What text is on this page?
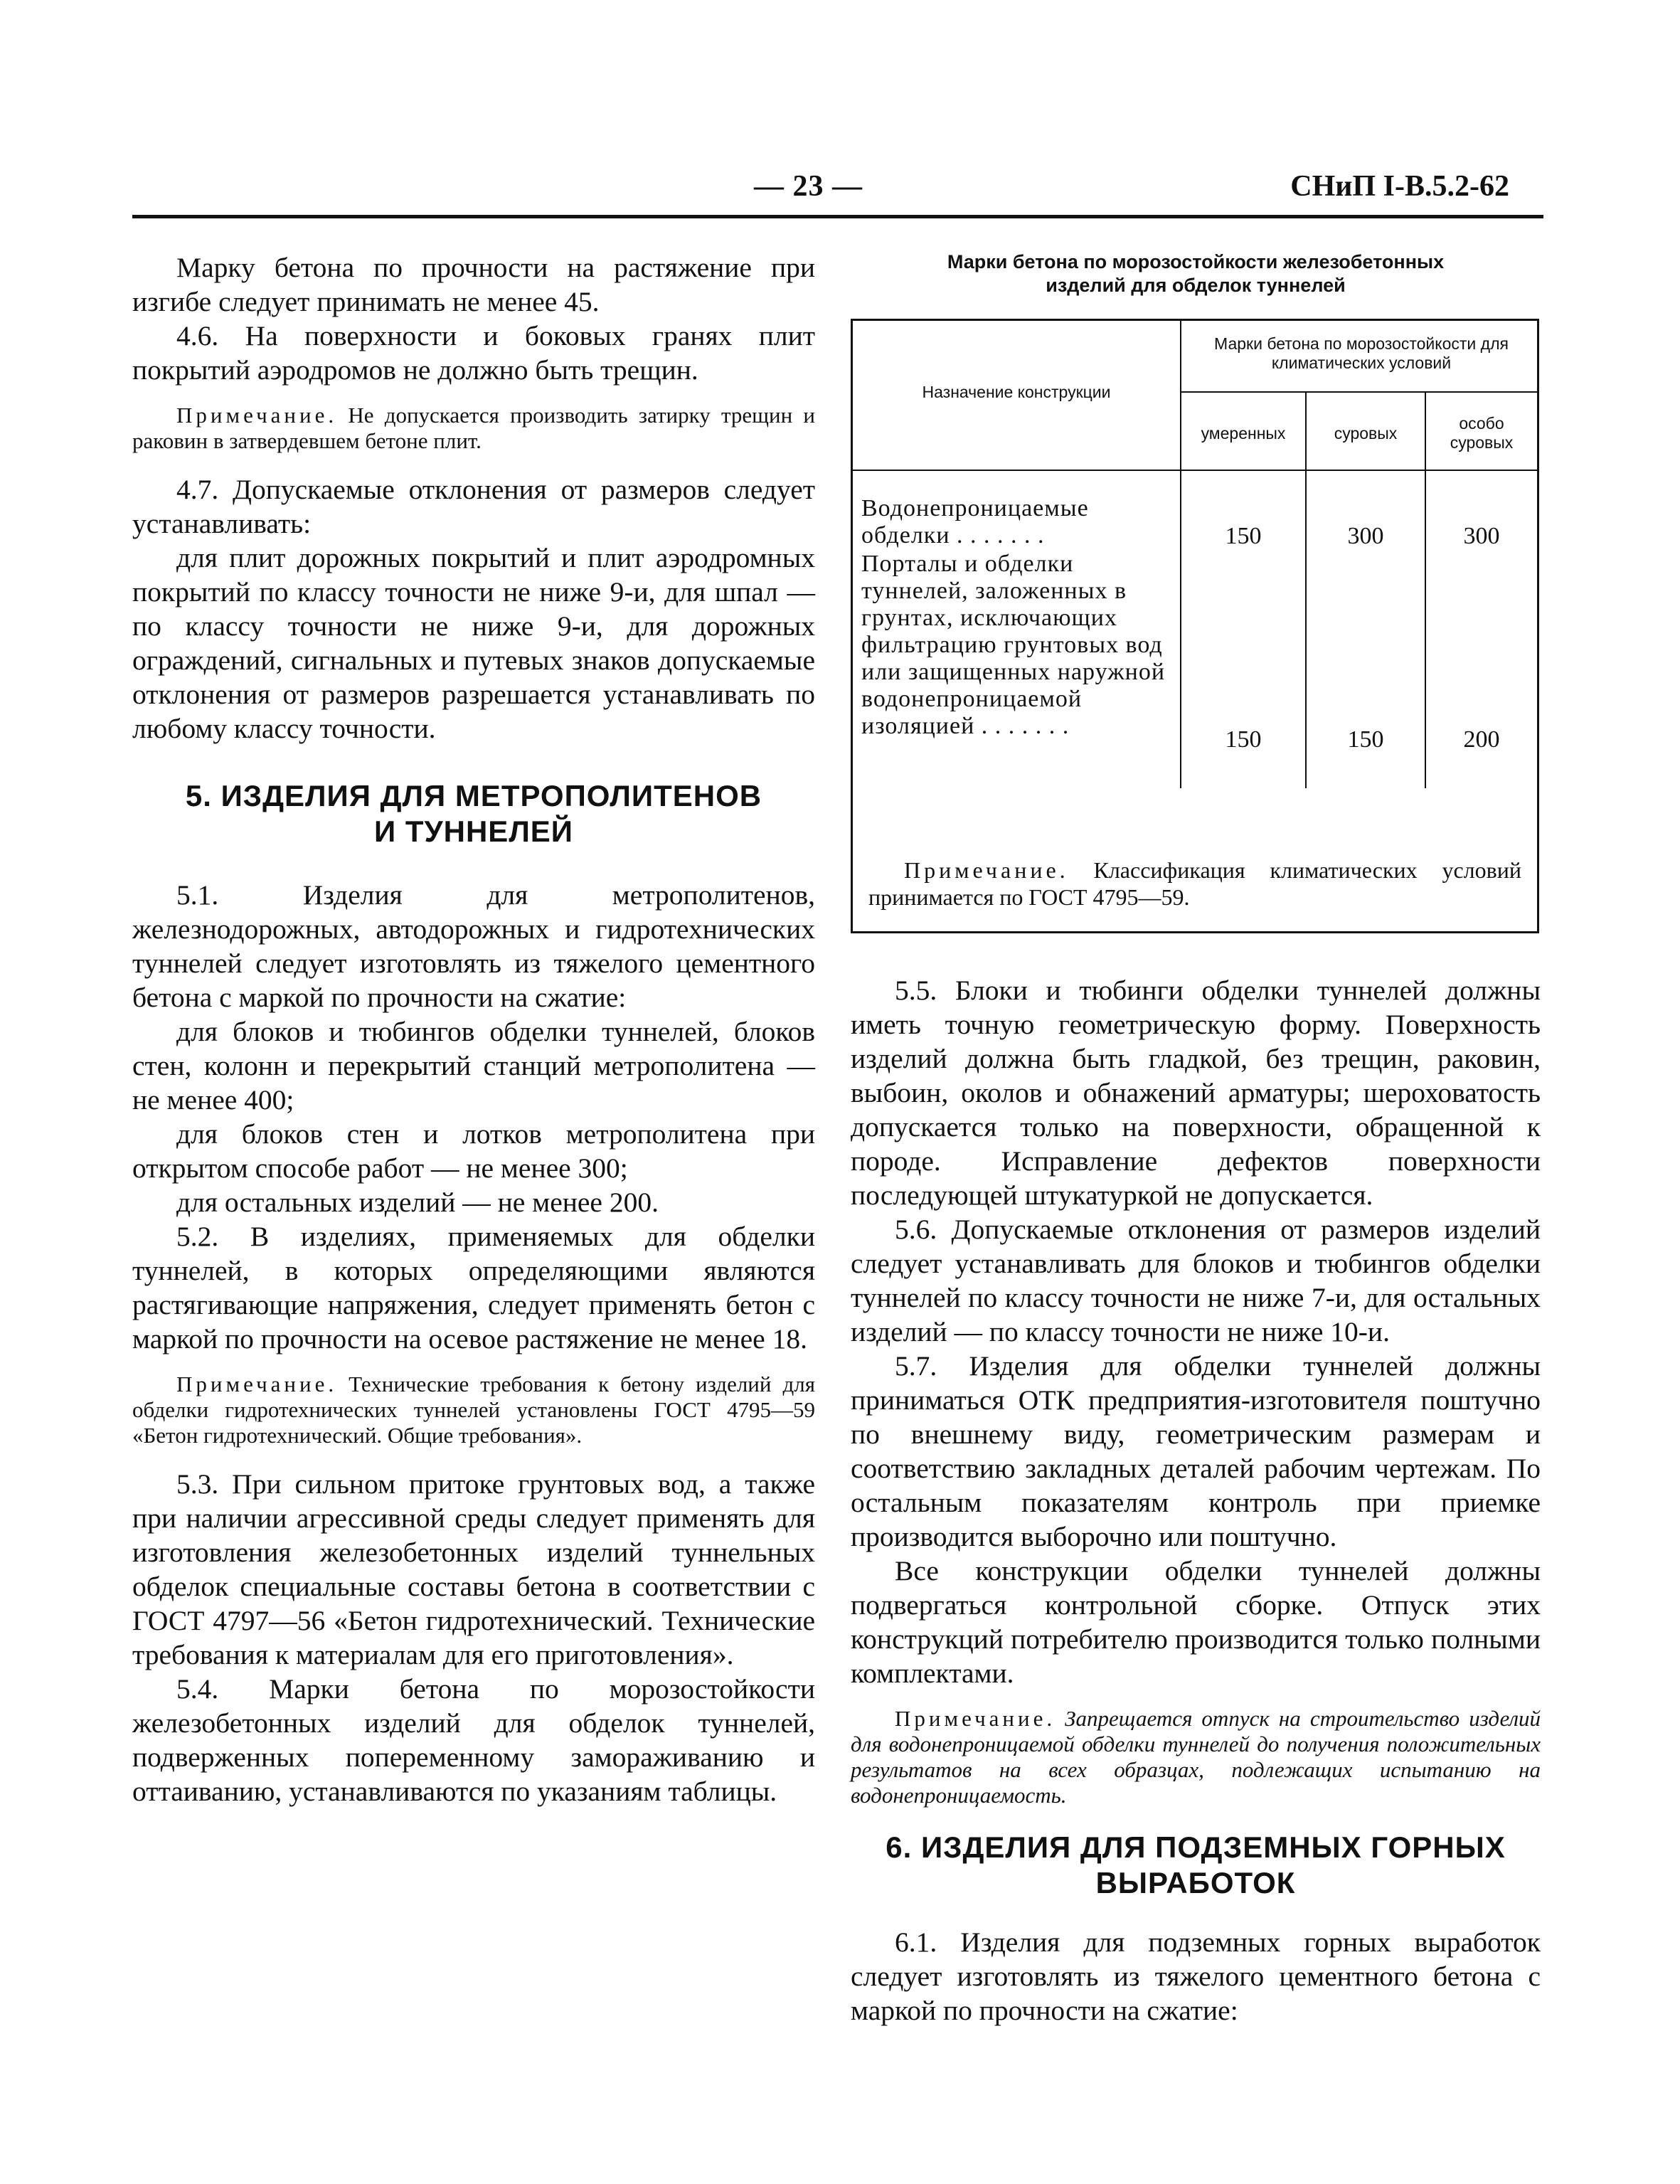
— 23 —	СНиП I-В.5.2-62

Марку бетона по прочности на растяжение при изгибе следует принимать не менее 45.

4.6. На поверхности и боковых гранях плит покрытий аэродромов не должно быть трещин.

Примечание. Не допускается производить затирку трещин и раковин в затвердевшем бетоне плит.

4.7. Допускаемые отклонения от размеров следует устанавливать:

для плит дорожных покрытий и плит аэродромных покрытий по классу точности не ниже 9-и, для шпал — по классу точности не ниже 9-и, для дорожных ограждений, сигнальных и путевых знаков допускаемые отклонения от размеров разрешается устанавливать по любому классу точности.

5. ИЗДЕЛИЯ ДЛЯ МЕТРОПОЛИТЕНОВ
И ТУННЕЛЕЙ

5.1. Изделия для метрополитенов, железнодорожных, автодорожных и гидротехнических туннелей следует изготовлять из тяжелого цементного бетона с маркой по прочности на сжатие:

для блоков и тюбингов обделки туннелей, блоков стен, колонн и перекрытий станций метрополитена — не менее 400;

для блоков стен и лотков метрополитена при открытом способе работ — не менее 300;

для остальных изделий — не менее 200.

5.2. В изделиях, применяемых для обделки туннелей, в которых определяющими являются растягивающие напряжения, следует применять бетон с маркой по прочности на осевое растяжение не менее 18.

Примечание. Технические требования к бетону изделий для обделки гидротехнических туннелей установлены ГОСТ 4795—59 «Бетон гидротехнический. Общие требования».

5.3. При сильном притоке грунтовых вод, а также при наличии агрессивной среды следует применять для изготовления железобетонных изделий туннельных обделок специальные составы бетона в соответствии с ГОСТ 4797—56 «Бетон гидротехнический. Технические требования к материалам для его приготовления».

5.4. Марки бетона по морозостойкости железобетонных изделий для обделок туннелей, подверженных попеременному замораживанию и оттаиванию, устанавливаются по указаниям таблицы.

Марки бетона по морозостойкости железобетонных
изделий для обделок туннелей
Назначение конструкции
Марки бетона по морозостойкости для климатических условий
умеренных	суровых
особо суровых
Водонепроницаемые обделки . . . . . . .	150	300	300
Порталы и обделки туннелей, заложенных в грунтах, исключающих фильтрацию грунтовых вод или защищенных наружной водонепроницаемой изоляцией . . . . . . .
150	150	200
Примечание. Классификация климатических условий принимается по ГОСТ 4795—59.

5.5. Блоки и тюбинги обделки туннелей должны иметь точную геометрическую форму. Поверхность изделий должна быть гладкой, без трещин, раковин, выбоин, околов и обнажений арматуры; шероховатость допускается только на поверхности, обращенной к породе. Исправление дефектов поверхности последующей штукатуркой не допускается.

5.6. Допускаемые отклонения от размеров изделий следует устанавливать для блоков и тюбингов обделки туннелей по классу точности не ниже 7-и, для остальных изделий — по классу точности не ниже 10-и.

5.7. Изделия для обделки туннелей должны приниматься ОТК предприятия-изготовителя поштучно по внешнему виду, геометрическим размерам и соответствию закладных деталей рабочим чертежам. По остальным показателям контроль при приемке производится выборочно или поштучно.

Все конструкции обделки туннелей должны подвергаться контрольной сборке. Отпуск этих конструкций потребителю производится только полными комплектами.

Примечание. Запрещается отпуск на строительство изделий для водонепроницаемой обделки туннелей до получения положительных результатов на всех образцах, подлежащих испытанию на водонепроницаемость.
6. ИЗДЕЛИЯ ДЛЯ ПОДЗЕМНЫХ ГОРНЫХ
ВЫРАБОТОК

6.1. Изделия для подземных горных выработок следует изготовлять из тяжелого цементного бетона с маркой по прочности на сжатие:
